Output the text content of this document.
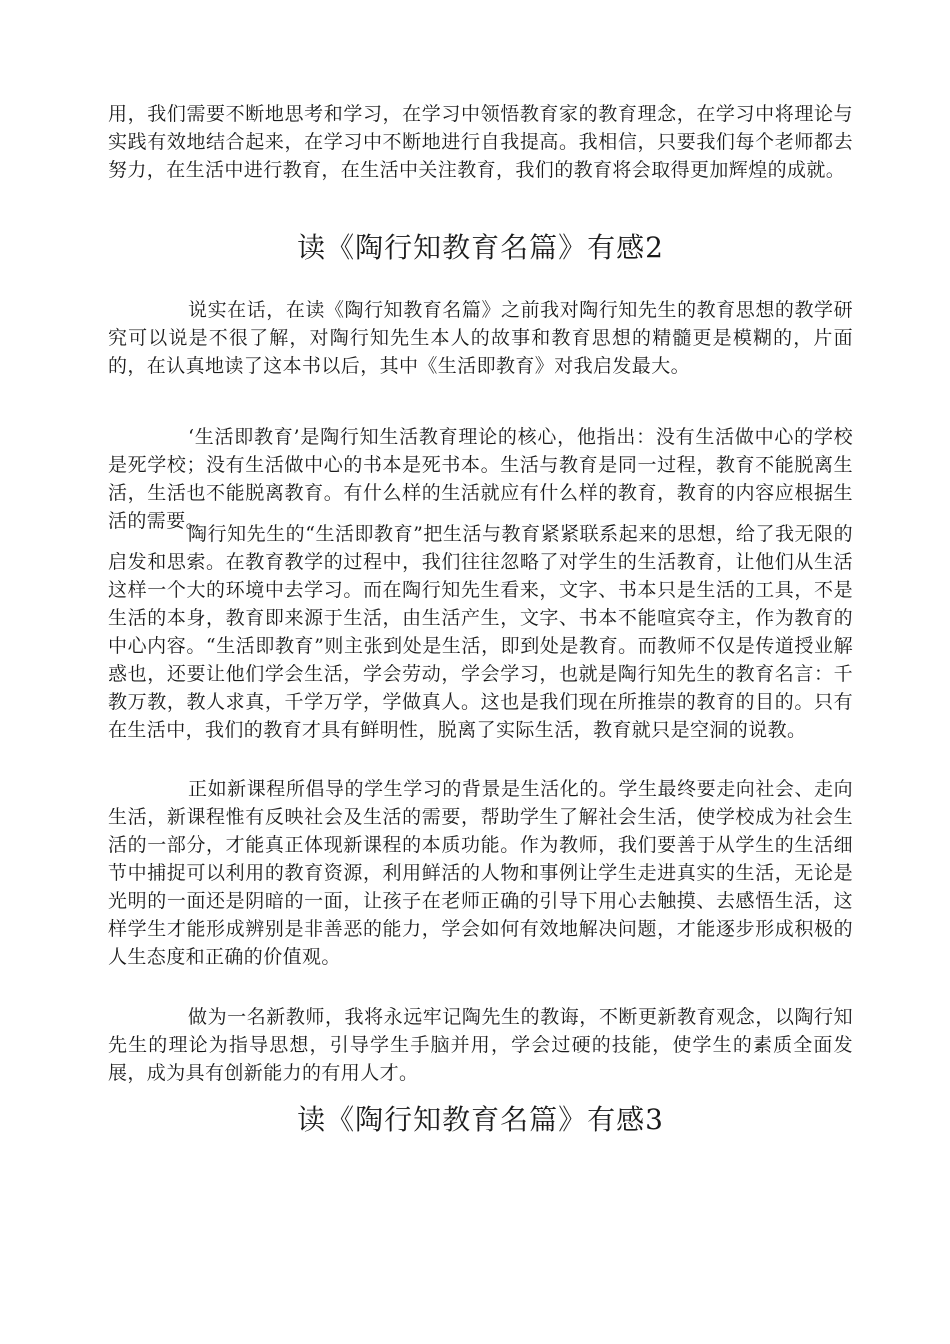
用，我们需要不断地思考和学习，在学习中领悟教育家的教育理念，在学习中将理论与实践有效地结合起来，在学习中不断地进行自我提高。我相信，只要我们每个老师都去努力，在生活中进行教育，在生活中关注教育，我们的教育将会取得更加辉煌的成就。

读《陶行知教育名篇》有感2

说实在话，在读《陶行知教育名篇》之前我对陶行知先生的教育思想的教学研究可以说是不很了解，对陶行知先生本人的故事和教育思想的精髓更是模糊的，片面的，在认真地读了这本书以后，其中《生活即教育》对我启发最大。

‘生活即教育’是陶行知生活教育理论的核心，他指出：没有生活做中心的学校是死学校；没有生活做中心的书本是死书本。生活与教育是同一过程，教育不能脱离生活，生活也不能脱离教育。有什么样的生活就应有什么样的教育，教育的内容应根据生活的需要。

陶行知先生的“生活即教育”把生活与教育紧紧联系起来的思想，给了我无限的启发和思索。在教育教学的过程中，我们往往忽略了对学生的生活教育，让他们从生活这样一个大的环境中去学习。而在陶行知先生看来，文字、书本只是生活的工具，不是生活的本身，教育即来源于生活，由生活产生，文字、书本不能喧宾夺主，作为教育的中心内容。“生活即教育”则主张到处是生活，即到处是教育。而教师不仅是传道授业解惑也，还要让他们学会生活，学会劳动，学会学习，也就是陶行知先生的教育名言：千教万教，教人求真，千学万学，学做真人。这也是我们现在所推崇的教育的目的。只有在生活中，我们的教育才具有鲜明性，脱离了实际生活，教育就只是空洞的说教。

正如新课程所倡导的学生学习的背景是生活化的。学生最终要走向社会、走向生活，新课程惟有反映社会及生活的需要，帮助学生了解社会生活，使学校成为社会生活的一部分，才能真正体现新课程的本质功能。作为教师，我们要善于从学生的生活细节中捕捉可以利用的教育资源，利用鲜活的人物和事例让学生走进真实的生活，无论是光明的一面还是阴暗的一面，让孩子在老师正确的引导下用心去触摸、去感悟生活，这样学生才能形成辨别是非善恶的能力，学会如何有效地解决问题，才能逐步形成积极的人生态度和正确的价值观。

做为一名新教师，我将永远牢记陶先生的教诲，不断更新教育观念，以陶行知先生的理论为指导思想，引导学生手脑并用，学会过硬的技能，使学生的素质全面发展，成为具有创新能力的有用人才。

读《陶行知教育名篇》有感3
